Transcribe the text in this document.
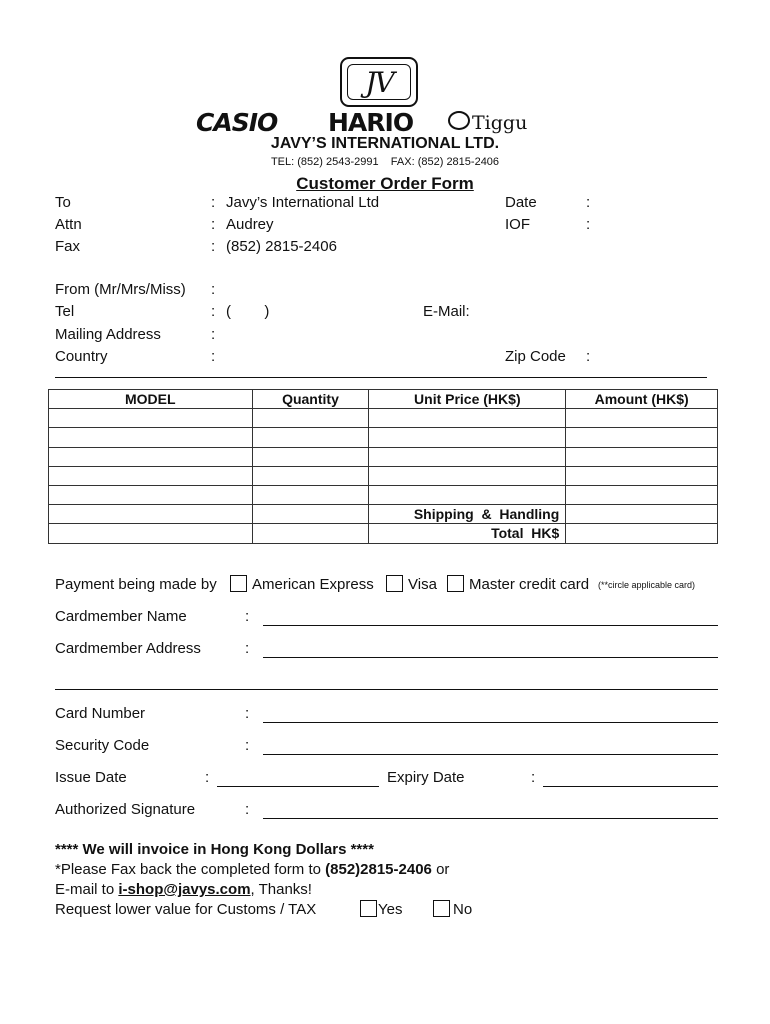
JV
CASIO HARIO	Tiggu
JAVY’S INTERNATIONAL LTD.
TEL: (852) 2543-2991    FAX: (852) 2815-2406
Customer Order Form
To	: Javy’s International Ltd
Attn	: Audrey
Fax	: (852) 2815-2406
Date	:
IOF	:
From (Mr/Mrs/Miss) :
Tel	: (        )	E-Mail:
Mailing Address	:
Country	:	Zip Code :
MODEL	Quantity	Unit Price (HK$)	Amount (HK$)

		Shipping  &  Handling	
		Total  HK$	
Payment being made by American Express Visa Master credit card (**circle applicable card)
Cardmember Name	:
Cardmember Address	:
Card Number	:
Security Code	:
Issue Date	:	Expiry Date	:
Authorized Signature	:
**** We will invoice in Hong Kong Dollars ****
*Please Fax back the completed form to (852)2815-2406 or
E-mail to i-shop@javys.com, Thanks!
Request lower value for Customs / TAX	Yes	No
